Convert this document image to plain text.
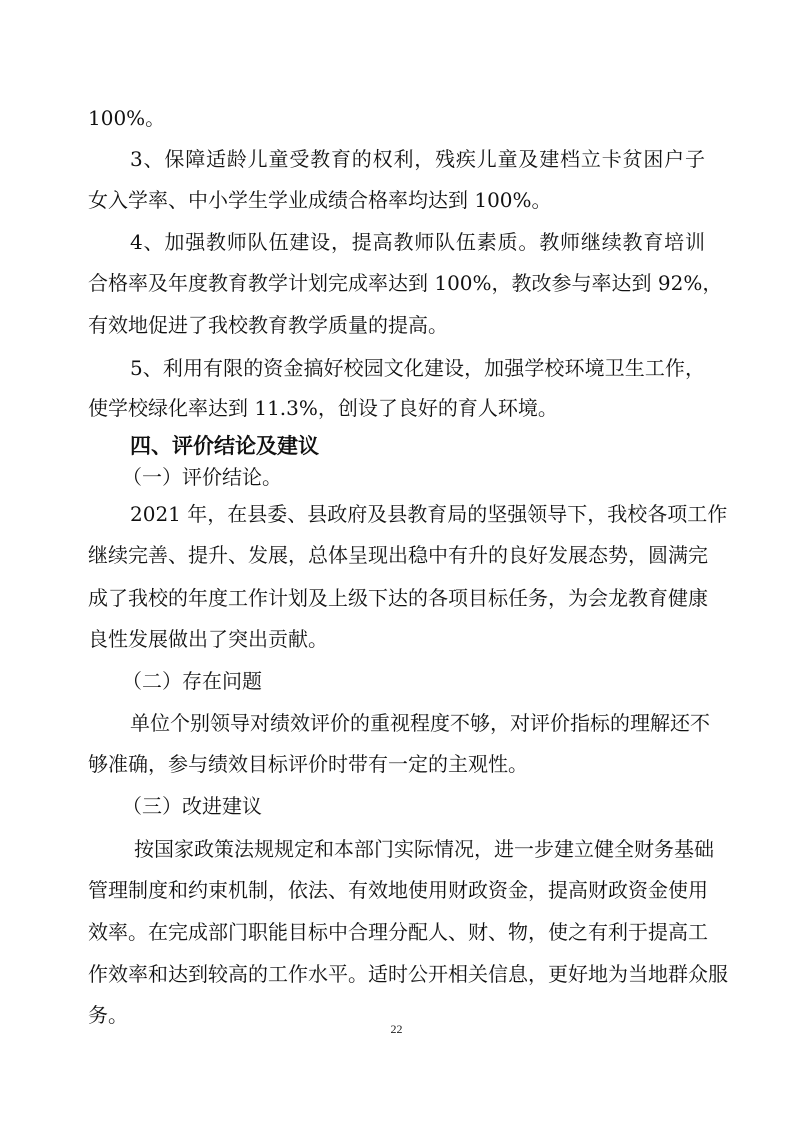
100%。
3、保障适龄儿童受教育的权利，残疾儿童及建档立卡贫困户子
女入学率、中小学生学业成绩合格率均达到 100%。
4、加强教师队伍建设，提高教师队伍素质。教师继续教育培训
合格率及年度教育教学计划完成率达到 100%，教改参与率达到 92%，
有效地促进了我校教育教学质量的提高。
5、利用有限的资金搞好校园文化建设，加强学校环境卫生工作，
使学校绿化率达到 11.3%，创设了良好的育人环境。
四、评价结论及建议
（一）评价结论。
2021 年，在县委、县政府及县教育局的坚强领导下，我校各项工作
继续完善、提升、发展，总体呈现出稳中有升的良好发展态势，圆满完
成了我校的年度工作计划及上级下达的各项目标任务，为会龙教育健康
良性发展做出了突出贡献。
（二）存在问题
单位个别领导对绩效评价的重视程度不够，对评价指标的理解还不
够准确，参与绩效目标评价时带有一定的主观性。
（三）改进建议
按国家政策法规规定和本部门实际情况，进一步建立健全财务基础
管理制度和约束机制，依法、有效地使用财政资金，提高财政资金使用
效率。在完成部门职能目标中合理分配人、财、物，使之有利于提高工
作效率和达到较高的工作水平。适时公开相关信息，更好地为当地群众服
务。
22
